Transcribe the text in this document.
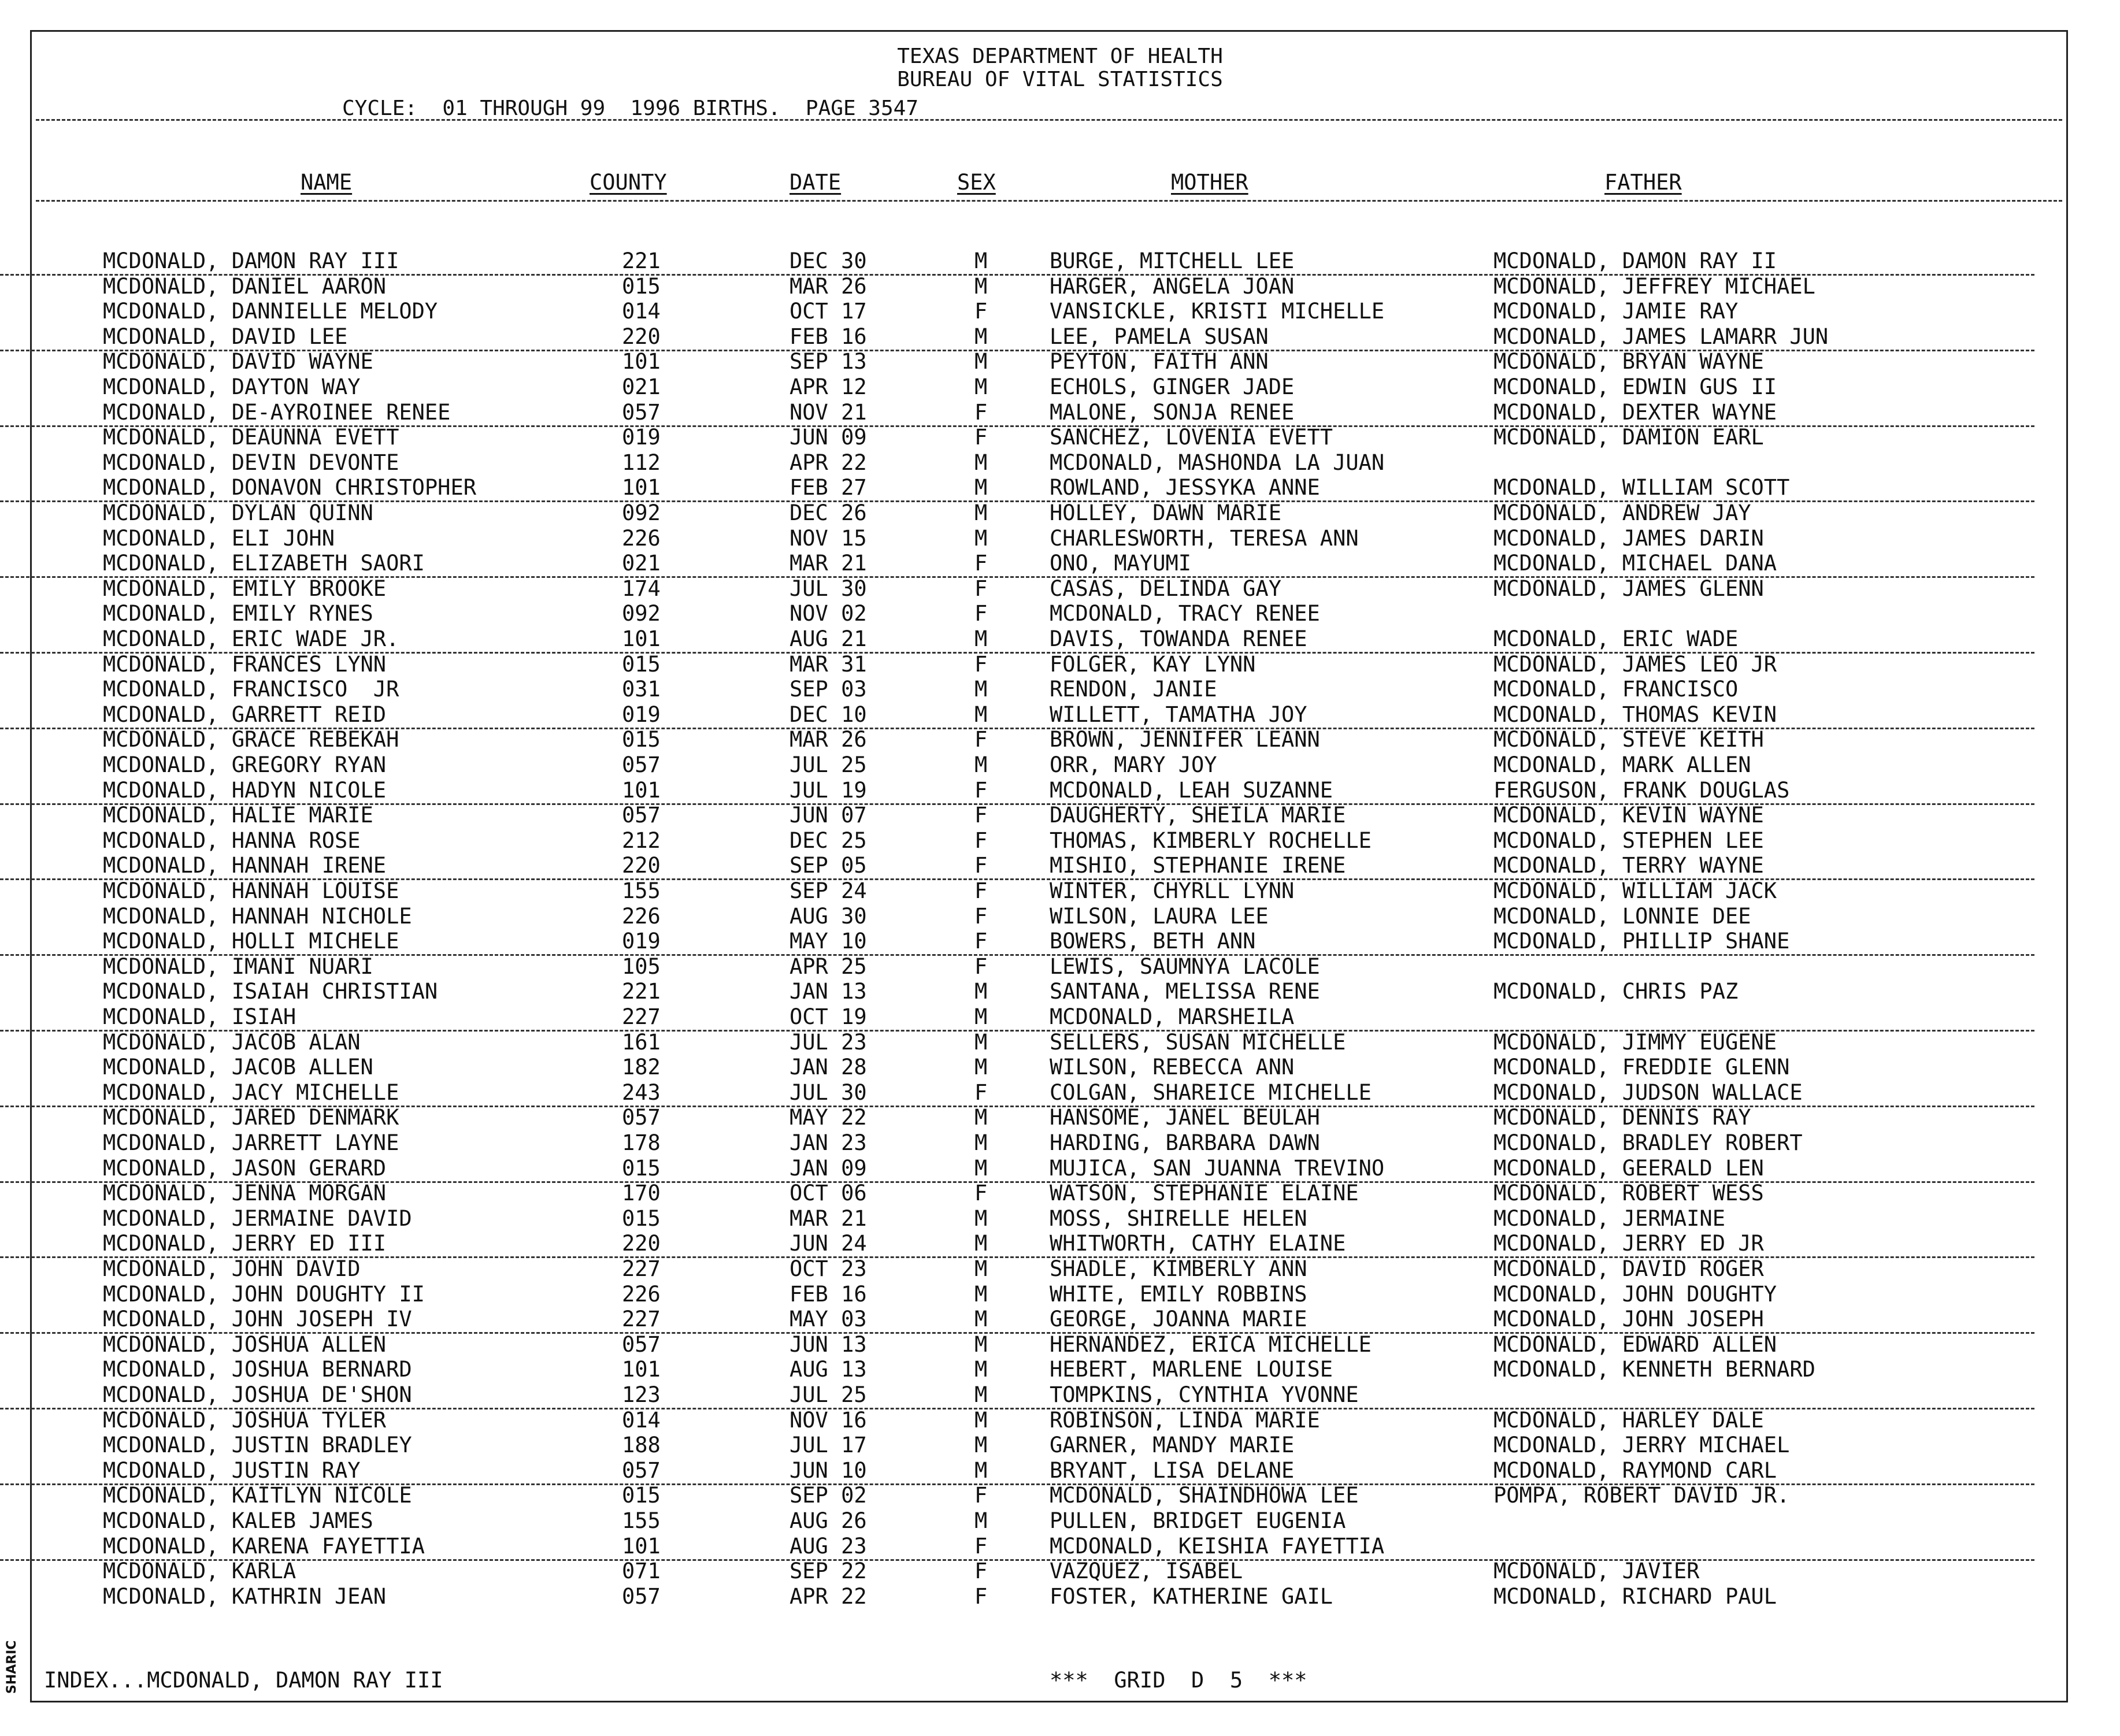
SHARIC
TEXAS DEPARTMENT OF HEALTH
BUREAU OF VITAL STATISTICS
CYCLE:  01 THROUGH 99  1996 BIRTHS.  PAGE 3547
NAME	COUNTY	DATE	SEX	MOTHER	FATHER
MCDONALD, DAMON RAY III	221	DEC 30	M	BURGE, MITCHELL LEE	MCDONALD, DAMON RAY II
MCDONALD, DANIEL AARON	015	MAR 26	M	HARGER, ANGELA JOAN	MCDONALD, JEFFREY MICHAEL
MCDONALD, DANNIELLE MELODY	014	OCT 17	F	VANSICKLE, KRISTI MICHELLE	MCDONALD, JAMIE RAY
MCDONALD, DAVID LEE	220	FEB 16	M	LEE, PAMELA SUSAN	MCDONALD, JAMES LAMARR JUN
MCDONALD, DAVID WAYNE	101	SEP 13	M	PEYTON, FAITH ANN	MCDONALD, BRYAN WAYNE
MCDONALD, DAYTON WAY	021	APR 12	M	ECHOLS, GINGER JADE	MCDONALD, EDWIN GUS II
MCDONALD, DE-AYROINEE RENEE	057	NOV 21	F	MALONE, SONJA RENEE	MCDONALD, DEXTER WAYNE
MCDONALD, DEAUNNA EVETT	019	JUN 09	F	SANCHEZ, LOVENIA EVETT	MCDONALD, DAMION EARL
MCDONALD, DEVIN DEVONTE	112	APR 22	M	MCDONALD, MASHONDA LA JUAN
MCDONALD, DONAVON CHRISTOPHER	101	FEB 27	M	ROWLAND, JESSYKA ANNE	MCDONALD, WILLIAM SCOTT
MCDONALD, DYLAN QUINN	092	DEC 26	M	HOLLEY, DAWN MARIE	MCDONALD, ANDREW JAY
MCDONALD, ELI JOHN	226	NOV 15	M	CHARLESWORTH, TERESA ANN	MCDONALD, JAMES DARIN
MCDONALD, ELIZABETH SAORI	021	MAR 21	F	ONO, MAYUMI	MCDONALD, MICHAEL DANA
MCDONALD, EMILY BROOKE	174	JUL 30	F	CASAS, DELINDA GAY	MCDONALD, JAMES GLENN
MCDONALD, EMILY RYNES	092	NOV 02	F	MCDONALD, TRACY RENEE
MCDONALD, ERIC WADE JR.	101	AUG 21	M	DAVIS, TOWANDA RENEE	MCDONALD, ERIC WADE
MCDONALD, FRANCES LYNN	015	MAR 31	F	FOLGER, KAY LYNN	MCDONALD, JAMES LEO JR
MCDONALD, FRANCISCO  JR	031	SEP 03	M	RENDON, JANIE	MCDONALD, FRANCISCO
MCDONALD, GARRETT REID	019	DEC 10	M	WILLETT, TAMATHA JOY	MCDONALD, THOMAS KEVIN
MCDONALD, GRACE REBEKAH	015	MAR 26	F	BROWN, JENNIFER LEANN	MCDONALD, STEVE KEITH
MCDONALD, GREGORY RYAN	057	JUL 25	M	ORR, MARY JOY	MCDONALD, MARK ALLEN
MCDONALD, HADYN NICOLE	101	JUL 19	F	MCDONALD, LEAH SUZANNE	FERGUSON, FRANK DOUGLAS
MCDONALD, HALIE MARIE	057	JUN 07	F	DAUGHERTY, SHEILA MARIE	MCDONALD, KEVIN WAYNE
MCDONALD, HANNA ROSE	212	DEC 25	F	THOMAS, KIMBERLY ROCHELLE	MCDONALD, STEPHEN LEE
MCDONALD, HANNAH IRENE	220	SEP 05	F	MISHIO, STEPHANIE IRENE	MCDONALD, TERRY WAYNE
MCDONALD, HANNAH LOUISE	155	SEP 24	F	WINTER, CHYRLL LYNN	MCDONALD, WILLIAM JACK
MCDONALD, HANNAH NICHOLE	226	AUG 30	F	WILSON, LAURA LEE	MCDONALD, LONNIE DEE
MCDONALD, HOLLI MICHELE	019	MAY 10	F	BOWERS, BETH ANN	MCDONALD, PHILLIP SHANE
MCDONALD, IMANI NUARI	105	APR 25	F	LEWIS, SAUMNYA LACOLE
MCDONALD, ISAIAH CHRISTIAN	221	JAN 13	M	SANTANA, MELISSA RENE	MCDONALD, CHRIS PAZ
MCDONALD, ISIAH	227	OCT 19	M	MCDONALD, MARSHEILA
MCDONALD, JACOB ALAN	161	JUL 23	M	SELLERS, SUSAN MICHELLE	MCDONALD, JIMMY EUGENE
MCDONALD, JACOB ALLEN	182	JAN 28	M	WILSON, REBECCA ANN	MCDONALD, FREDDIE GLENN
MCDONALD, JACY MICHELLE	243	JUL 30	F	COLGAN, SHAREICE MICHELLE	MCDONALD, JUDSON WALLACE
MCDONALD, JARED DENMARK	057	MAY 22	M	HANSOME, JANEL BEULAH	MCDONALD, DENNIS RAY
MCDONALD, JARRETT LAYNE	178	JAN 23	M	HARDING, BARBARA DAWN	MCDONALD, BRADLEY ROBERT
MCDONALD, JASON GERARD	015	JAN 09	M	MUJICA, SAN JUANNA TREVINO	MCDONALD, GEERALD LEN
MCDONALD, JENNA MORGAN	170	OCT 06	F	WATSON, STEPHANIE ELAINE	MCDONALD, ROBERT WESS
MCDONALD, JERMAINE DAVID	015	MAR 21	M	MOSS, SHIRELLE HELEN	MCDONALD, JERMAINE
MCDONALD, JERRY ED III	220	JUN 24	M	WHITWORTH, CATHY ELAINE	MCDONALD, JERRY ED JR
MCDONALD, JOHN DAVID	227	OCT 23	M	SHADLE, KIMBERLY ANN	MCDONALD, DAVID ROGER
MCDONALD, JOHN DOUGHTY II	226	FEB 16	M	WHITE, EMILY ROBBINS	MCDONALD, JOHN DOUGHTY
MCDONALD, JOHN JOSEPH IV	227	MAY 03	M	GEORGE, JOANNA MARIE	MCDONALD, JOHN JOSEPH
MCDONALD, JOSHUA ALLEN	057	JUN 13	M	HERNANDEZ, ERICA MICHELLE	MCDONALD, EDWARD ALLEN
MCDONALD, JOSHUA BERNARD	101	AUG 13	M	HEBERT, MARLENE LOUISE	MCDONALD, KENNETH BERNARD
MCDONALD, JOSHUA DE'SHON	123	JUL 25	M	TOMPKINS, CYNTHIA YVONNE
MCDONALD, JOSHUA TYLER	014	NOV 16	M	ROBINSON, LINDA MARIE	MCDONALD, HARLEY DALE
MCDONALD, JUSTIN BRADLEY	188	JUL 17	M	GARNER, MANDY MARIE	MCDONALD, JERRY MICHAEL
MCDONALD, JUSTIN RAY	057	JUN 10	M	BRYANT, LISA DELANE	MCDONALD, RAYMOND CARL
MCDONALD, KAITLYN NICOLE	015	SEP 02	F	MCDONALD, SHAINDHOWA LEE	POMPA, ROBERT DAVID JR.
MCDONALD, KALEB JAMES	155	AUG 26	M	PULLEN, BRIDGET EUGENIA
MCDONALD, KARENA FAYETTIA	101	AUG 23	F	MCDONALD, KEISHIA FAYETTIA
MCDONALD, KARLA	071	SEP 22	F	VAZQUEZ, ISABEL	MCDONALD, JAVIER
MCDONALD, KATHRIN JEAN	057	APR 22	F	FOSTER, KATHERINE GAIL	MCDONALD, RICHARD PAUL
INDEX...MCDONALD, DAMON RAY III	***  GRID  D  5  ***
